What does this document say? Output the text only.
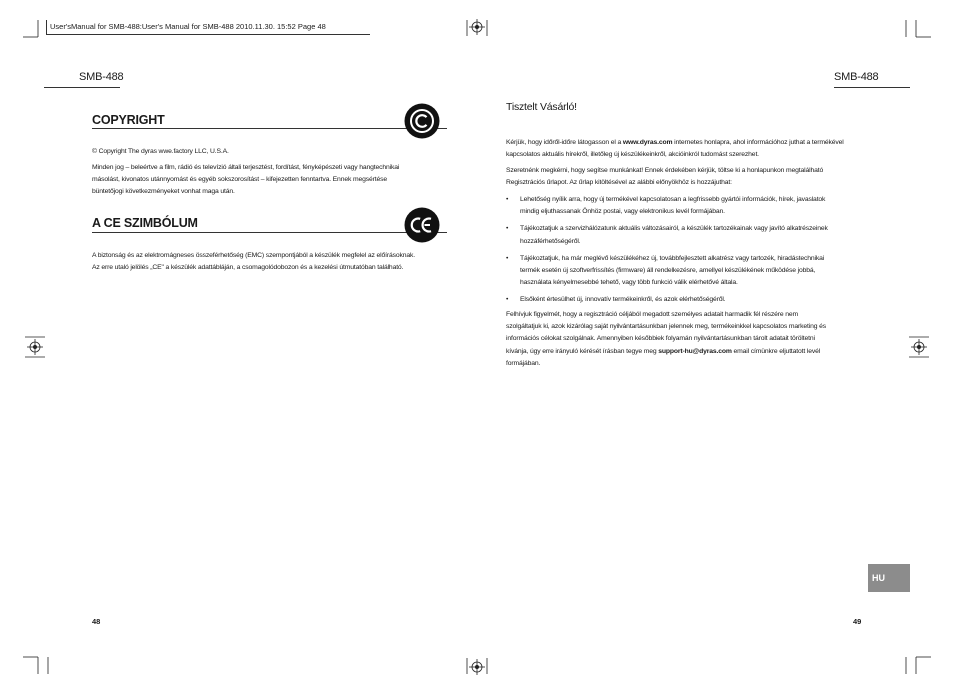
User'sManual for SMB-488:User's Manual for SMB-488 2010.11.30. 15:52 Page 48
SMB-488
COPYRIGHT
© Copyright The dyras wwe.factory LLC, U.S.A.
Minden jog – beleértve a film, rádió és televízió általi terjesztést, fordítást, fényképészeti vagy hangtechnikai
másolást, kivonatos utánnyomást és egyéb sokszorosítást – kifejezetten fenntartva. Ennek megsértése
büntetőjogi következményeket vonhat maga után.
A CE SZIMBÓLUM
A biztonság és az elektromágneses összeférhetőség (EMC) szempontjából a készülék megfelel az előírásoknak.
Az erre utaló jelölés „CE" a készülék adattábláján, a csomagolódobozon és a kezelési útmutatóban található.
48
SMB-488
Tisztelt Vásárló!
Kérjük, hogy időről-időre látogasson el a www.dyras.com internetes honlapra, ahol információhoz juthat a termékével
kapcsolatos aktuális hírekről, illetőleg új készülékeinkről, akcióinkról tudomást szerezhet.
Szeretnénk megkérni, hogy segítse munkánkat! Ennek érdekében kérjük, töltse ki a honlapunkon megtalálható
Regisztrációs űrlapot. Az űrlap kitöltésével az alábbi előnyökhöz is hozzájuthat:
• Lehetőség nyílik arra, hogy új termékével kapcsolatosan a legfrissebb gyártói információk, hírek, javaslatok
mindig eljuthassanak Önhöz postai, vagy elektronikus levél formájában.
• Tájékoztatjuk a szervizhálózatunk aktuális változásairól, a készülék tartozékainak vagy javító alkatrészeinek
hozzáférhetőségéről.
• Tájékoztatjuk, ha már meglévő készülékéhez új, továbbfejlesztett alkatrész vagy tartozék, hiradástechnikai
termék esetén új szoftverfrissítés (firmware) áll rendelkezésre, amellyel készülékének működése jobbá,
használata kényelmesebbé tehető, vagy több funkció válik elérhetővé általa.
• Elsőként értesülhet új, innovatív termékeinkről, és azok elérhetőségéről.
Felhívjuk figyelmét, hogy a regisztráció céljából megadott személyes adatait harmadik fél részére nem
szolgáltatjuk ki, azok kizárólag saját nyilvántartásunkban jelennek meg, termékeinkkel kapcsolatos marketing és
információs célokat szolgálnak. Amennyiben későbbiek folyamán nyilvántartásunkban tárolt adatait töröltetni
kívánja, úgy erre irányuló kérését írásban tegye meg support-hu@dyras.com email címünkre eljuttatott levél
formájában.
HU
49
